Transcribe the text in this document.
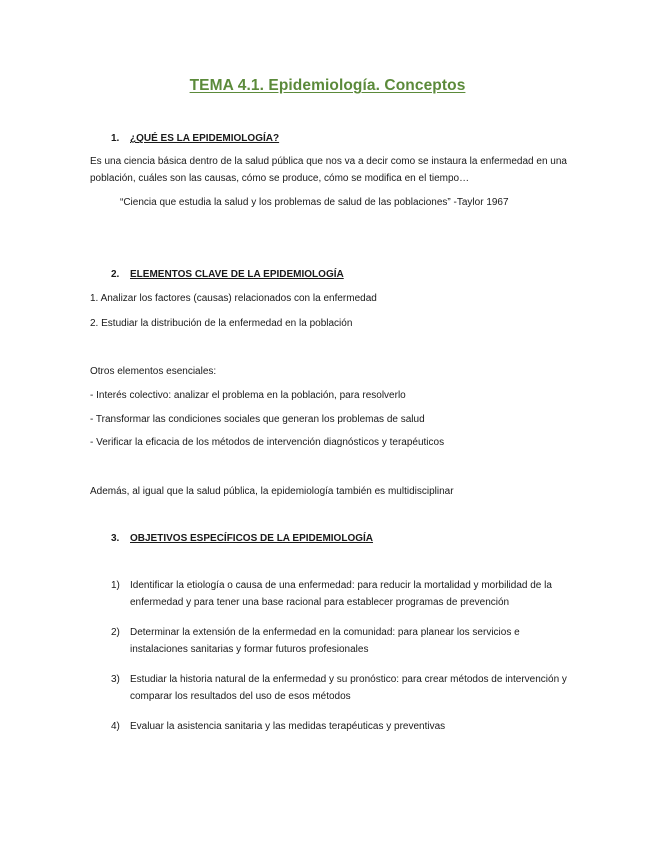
TEMA 4.1. Epidemiología. Conceptos
1. ¿QUÉ ES LA EPIDEMIOLOGÍA?
Es una ciencia básica dentro de la salud pública que nos va a decir como se instaura la enfermedad en una población, cuáles son las causas, cómo se produce, cómo se modifica en el tiempo…
“Ciencia que estudia la salud y los problemas de salud de las poblaciones” -Taylor 1967
2. ELEMENTOS CLAVE DE LA EPIDEMIOLOGÍA
1. Analizar los factores (causas) relacionados con la enfermedad
2. Estudiar la distribución de la enfermedad en la población
Otros elementos esenciales:
- Interés colectivo: analizar el problema en la población, para resolverlo
- Transformar las condiciones sociales que generan los problemas de salud
- Verificar la eficacia de los métodos de intervención diagnósticos y terapéuticos
Además, al igual que la salud pública, la epidemiología también es multidisciplinar
3. OBJETIVOS ESPECÍFICOS DE LA EPIDEMIOLOGÍA
1) Identificar la etiología o causa de una enfermedad: para reducir la mortalidad y morbilidad de la enfermedad y para tener una base racional para establecer programas de prevención
2) Determinar la extensión de la enfermedad en la comunidad: para planear los servicios e instalaciones sanitarias y formar futuros profesionales
3) Estudiar la historia natural de la enfermedad y su pronóstico: para crear métodos de intervención y comparar los resultados del uso de esos métodos
4) Evaluar la asistencia sanitaria y las medidas terapéuticas y preventivas
